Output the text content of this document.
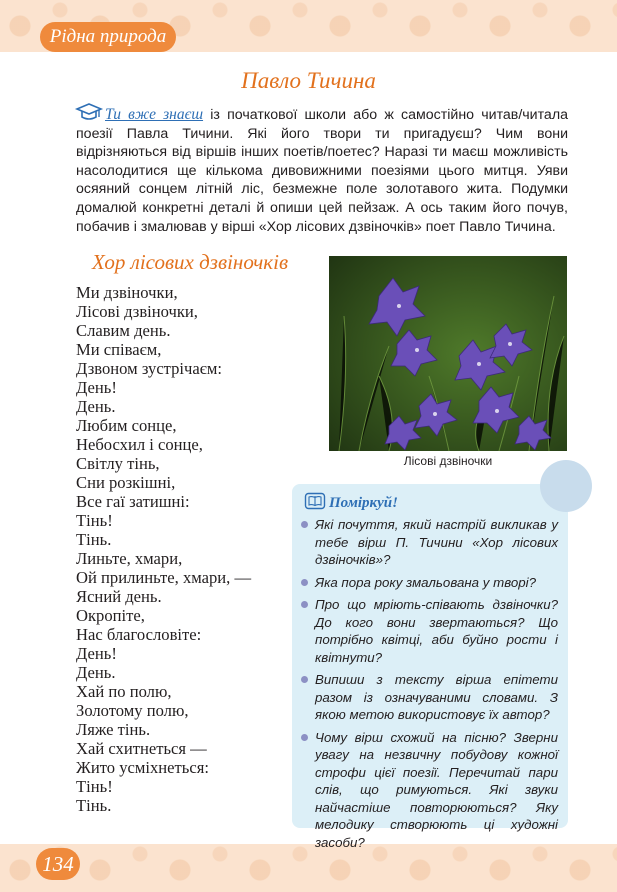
Рідна природа
Павло Тичина
Ти вже знаєш із початкової школи або ж самостійно читав/читала поезії Павла Тичини. Які його твори ти пригадуєш? Чим вони відрізняються від віршів інших поетів/поетес? Наразі ти маєш можливість насолодитися ще кількома дивовижними поезіями цього митця. Уяви осяяний сонцем літній ліс, безмежне поле золотавого жита. Подумки домалюй конкретні деталі й опиши цей пейзаж. А ось таким його почув, побачив і змалював у вірші «Хор лісових дзвіночків» поет Павло Тичина.
Хор лісових дзвіночків
Ми дзвіночки,
Лісові дзвіночки,
Славим день.
Ми співаєм,
Дзвоном зустрічаєм:
День!
День.
Любим сонце,
Небосхил і сонце,
Світлу тінь,
Сни розкішні,
Все гаї затишні:
Тінь!
Тінь.
Линьте, хмари,
Ой прилиньте, хмари, —
Ясний день.
Окропіте,
Нас благословіте:
День!
День.
Хай по полю,
Золотому полю,
Ляже тінь.
Хай схитнеться —
Жито усміхнеться:
Тінь!
Тінь.
Лісові дзвіночки
Поміркуй!
Які почуття, який настрій викликав у тебе вірш П. Тичини «Хор лісових дзвіночків»?
Яка пора року змальована у творі?
Про що мріють-співають дзвіночки? До кого вони звертаються? Що потрібно квітці, аби буйно рости і квітнути?
Випиши з тексту вірша епітети разом із означуваними словами. З якою метою використовує їх автор?
Чому вірш схожий на пісню? Зверни увагу на незвичну побудову кожної строфи цієї поезії. Перечитай пари слів, що римуються. Які звуки найчастіше повторюються? Яку мелодику створюють ці художні засоби?
134
